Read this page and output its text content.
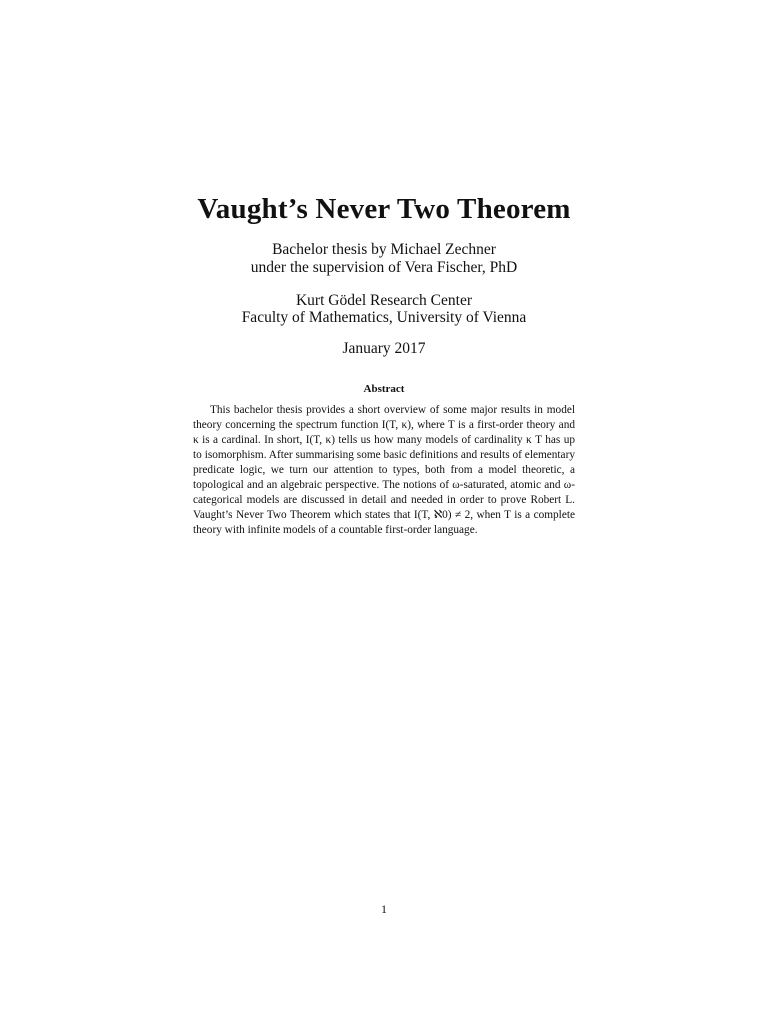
Vaught’s Never Two Theorem
Bachelor thesis by Michael Zechner
under the supervision of Vera Fischer, PhD
Kurt Gödel Research Center
Faculty of Mathematics, University of Vienna
January 2017
Abstract

This bachelor thesis provides a short overview of some major results in model theory concerning the spectrum function I(T, κ), where T is a first-order theory and κ is a cardinal. In short, I(T, κ) tells us how many models of cardinality κ T has up to isomorphism. After summarising some basic definitions and results of elementary predicate logic, we turn our attention to types, both from a model theoretic, a topological and an algebraic perspective. The notions of ω-saturated, atomic and ω-categorical models are discussed in detail and needed in order to prove Robert L. Vaught’s Never Two Theorem which states that I(T, ℵ0) ≠ 2, when T is a complete theory with infinite models of a countable first-order language.

1
